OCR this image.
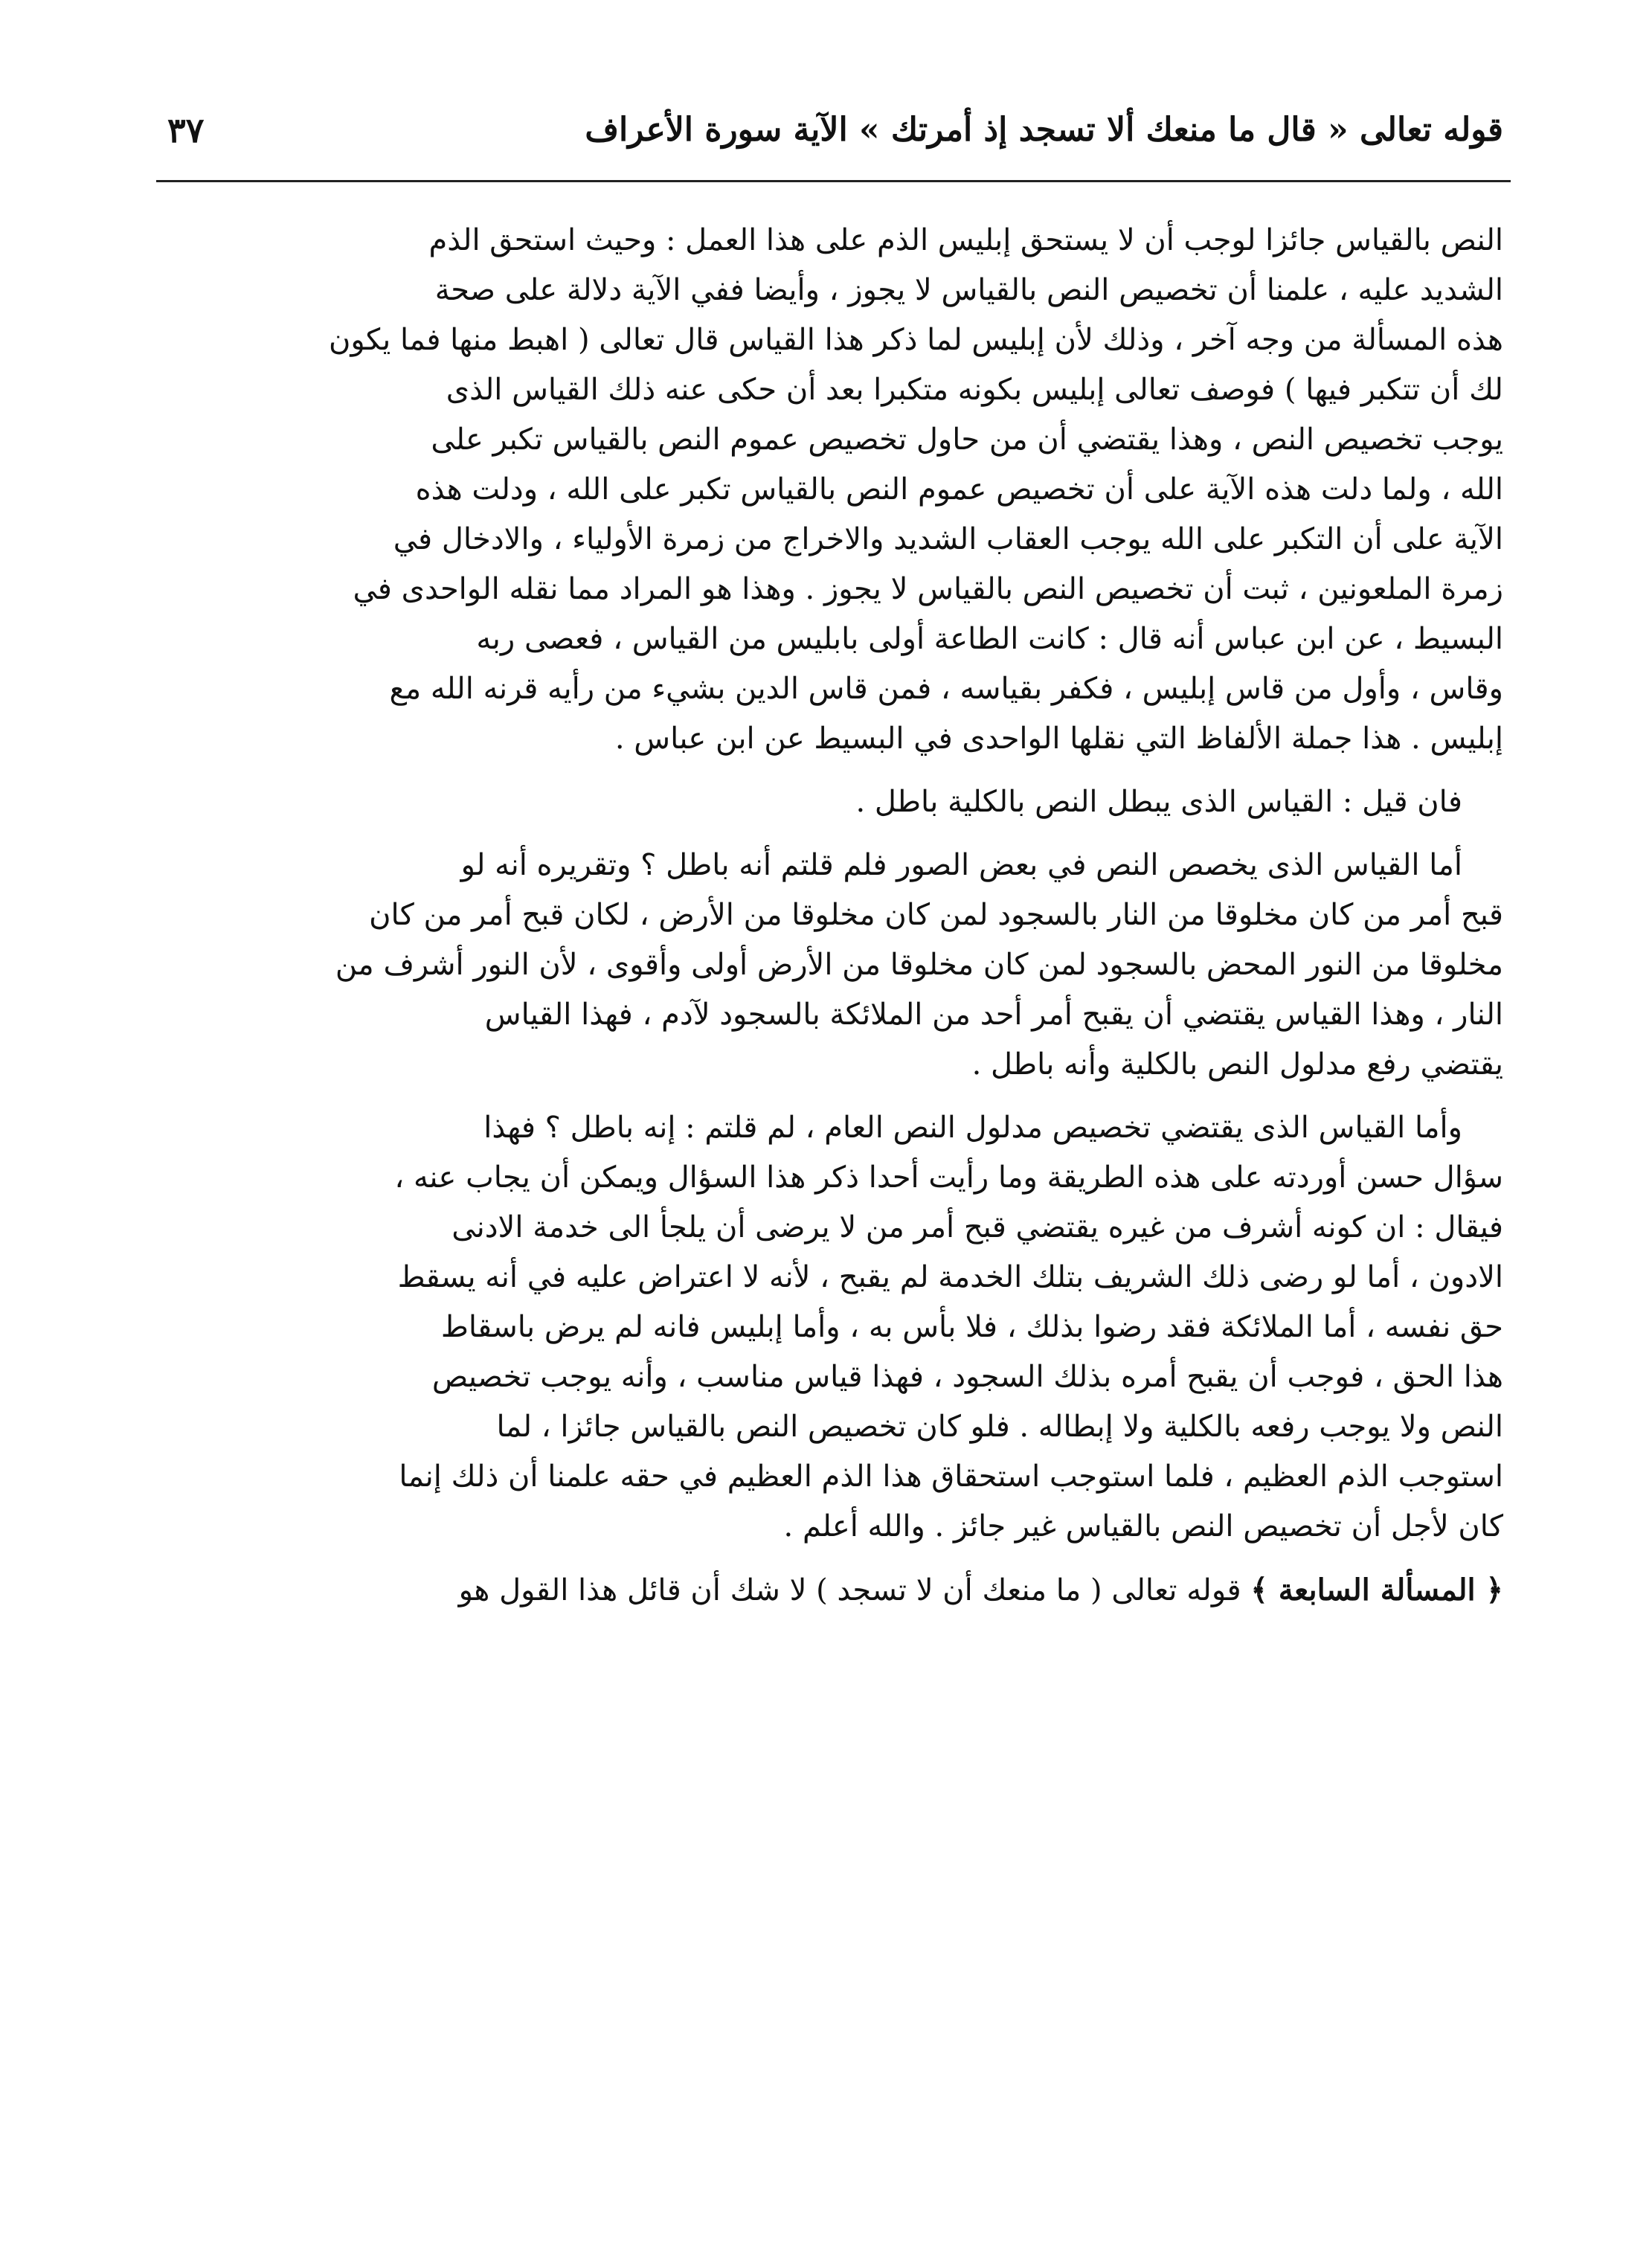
قوله تعالى « قال ما منعك ألا تسجد إذ أمرتك » الآية سورة الأعراف
٣٧

النص بالقياس جائزا لوجب أن لا يستحق إبليس الذم على هذا العمل : وحيث استحق الذم
الشديد عليه ، علمنا أن تخصيص النص بالقياس لا يجوز ، وأيضا ففي الآية دلالة على صحة
هذه المسألة من وجه آخر ، وذلك لأن إبليس لما ذكر هذا القياس قال تعالى ( اهبط منها فما يكون
لك أن تتكبر فيها ) فوصف تعالى إبليس بكونه متكبرا بعد أن حكى عنه ذلك القياس الذى
يوجب تخصيص النص ، وهذا يقتضي أن من حاول تخصيص عموم النص بالقياس تكبر على
الله ، ولما دلت هذه الآية على أن تخصيص عموم النص بالقياس تكبر على الله ، ودلت هذه
الآية على أن التكبر على الله يوجب العقاب الشديد والاخراج من زمرة الأولياء ، والادخال في
زمرة الملعونين ، ثبت أن تخصيص النص بالقياس لا يجوز . وهذا هو المراد مما نقله الواحدى في
البسيط ، عن ابن عباس أنه قال : كانت الطاعة أولى بابليس من القياس ، فعصى ربه
وقاس ، وأول من قاس إبليس ، فكفر بقياسه ، فمن قاس الدين بشيء من رأيه قرنه الله مع
إبليس . هذا جملة الألفاظ التي نقلها الواحدى في البسيط عن ابن عباس .

فان قيل : القياس الذى يبطل النص بالكلية باطل .

أما القياس الذى يخصص النص في بعض الصور فلم قلتم أنه باطل ؟ وتقريره أنه لو
قبح أمر من كان مخلوقا من النار بالسجود لمن كان مخلوقا من الأرض ، لكان قبح أمر من كان
مخلوقا من النور المحض بالسجود لمن كان مخلوقا من الأرض أولى وأقوى ، لأن النور أشرف من
النار ، وهذا القياس يقتضي أن يقبح أمر أحد من الملائكة بالسجود لآدم ، فهذا القياس
يقتضي رفع مدلول النص بالكلية وأنه باطل .

وأما القياس الذى يقتضي تخصيص مدلول النص العام ، لم قلتم : إنه باطل ؟ فهذا
سؤال حسن أوردته على هذه الطريقة وما رأيت أحدا ذكر هذا السؤال ويمكن أن يجاب عنه ،
فيقال : ان كونه أشرف من غيره يقتضي قبح أمر من لا يرضى أن يلجأ الى خدمة الادنى
الادون ، أما لو رضى ذلك الشريف بتلك الخدمة لم يقبح ، لأنه لا اعتراض عليه في أنه يسقط
حق نفسه ، أما الملائكة فقد رضوا بذلك ، فلا بأس به ، وأما إبليس فانه لم يرض باسقاط
هذا الحق ، فوجب أن يقبح أمره بذلك السجود ، فهذا قياس مناسب ، وأنه يوجب تخصيص
النص ولا يوجب رفعه بالكلية ولا إبطاله . فلو كان تخصيص النص بالقياس جائزا ، لما
استوجب الذم العظيم ، فلما استوجب استحقاق هذا الذم العظيم في حقه علمنا أن ذلك إنما
كان لأجل أن تخصيص النص بالقياس غير جائز . والله أعلم .

﴿ المسألة السابعة ﴾ قوله تعالى ( ما منعك أن لا تسجد ) لا شك أن قائل هذا القول هو
